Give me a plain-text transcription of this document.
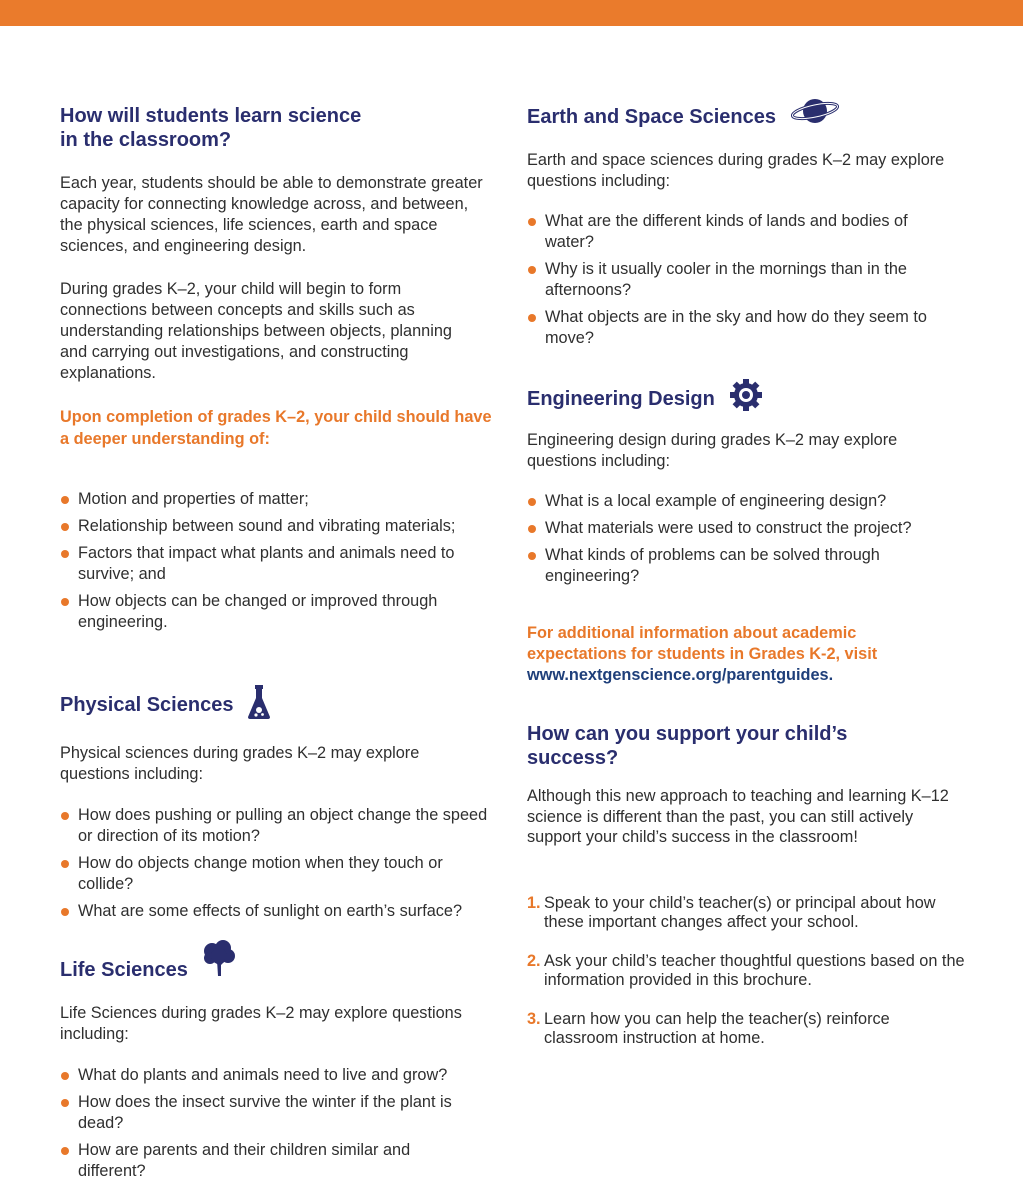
How will students learn science
in the classroom?

Each year, students should be able to demonstrate greater capacity for connecting knowledge across, and between, the physical sciences, life sciences, earth and space sciences, and engineering design.

During grades K–2, your child will begin to form connections between concepts and skills such as understanding relationships between objects, planning and carrying out investigations, and constructing explanations.

Upon completion of grades K–2, your child should have a deeper understanding of:

Motion and properties of matter;
Relationship between sound and vibrating materials;
Factors that impact what plants and animals need to survive; and
How objects can be changed or improved through engineering.
Physical Sciences

Physical sciences during grades K–2 may explore questions including:

How does pushing or pulling an object change the speed or direction of its motion?
How do objects change motion when they touch or collide?
What are some effects of sunlight on earth’s surface?
Life Sciences

Life Sciences during grades K–2 may explore questions including:

What do plants and animals need to live and grow?
How does the insect survive the winter if the plant is dead?
How are parents and their children similar and different?
Earth and Space Sciences

Earth and space sciences during grades K–2 may explore questions including:

What are the different kinds of lands and bodies of water?
Why is it usually cooler in the mornings than in the afternoons?
What objects are in the sky and how do they seem to move?
Engineering Design

Engineering design during grades K–2 may explore questions including:

What is a local example of engineering design?
What materials were used to construct the project?
What kinds of problems can be solved through engineering?

For additional information about academic expectations for students in Grades K-2, visit

www.nextgenscience.org/parentguides.

How can you support your child’s
success?

Although this new approach to teaching and learning K–12 science is different than the past, you can still actively support your child’s success in the classroom!

1. Speak to your child’s teacher(s) or principal about how these important changes affect your school.
2. Ask your child’s teacher thoughtful questions based on the information provided in this brochure.
3. Learn how you can help the teacher(s) reinforce classroom instruction at home.
